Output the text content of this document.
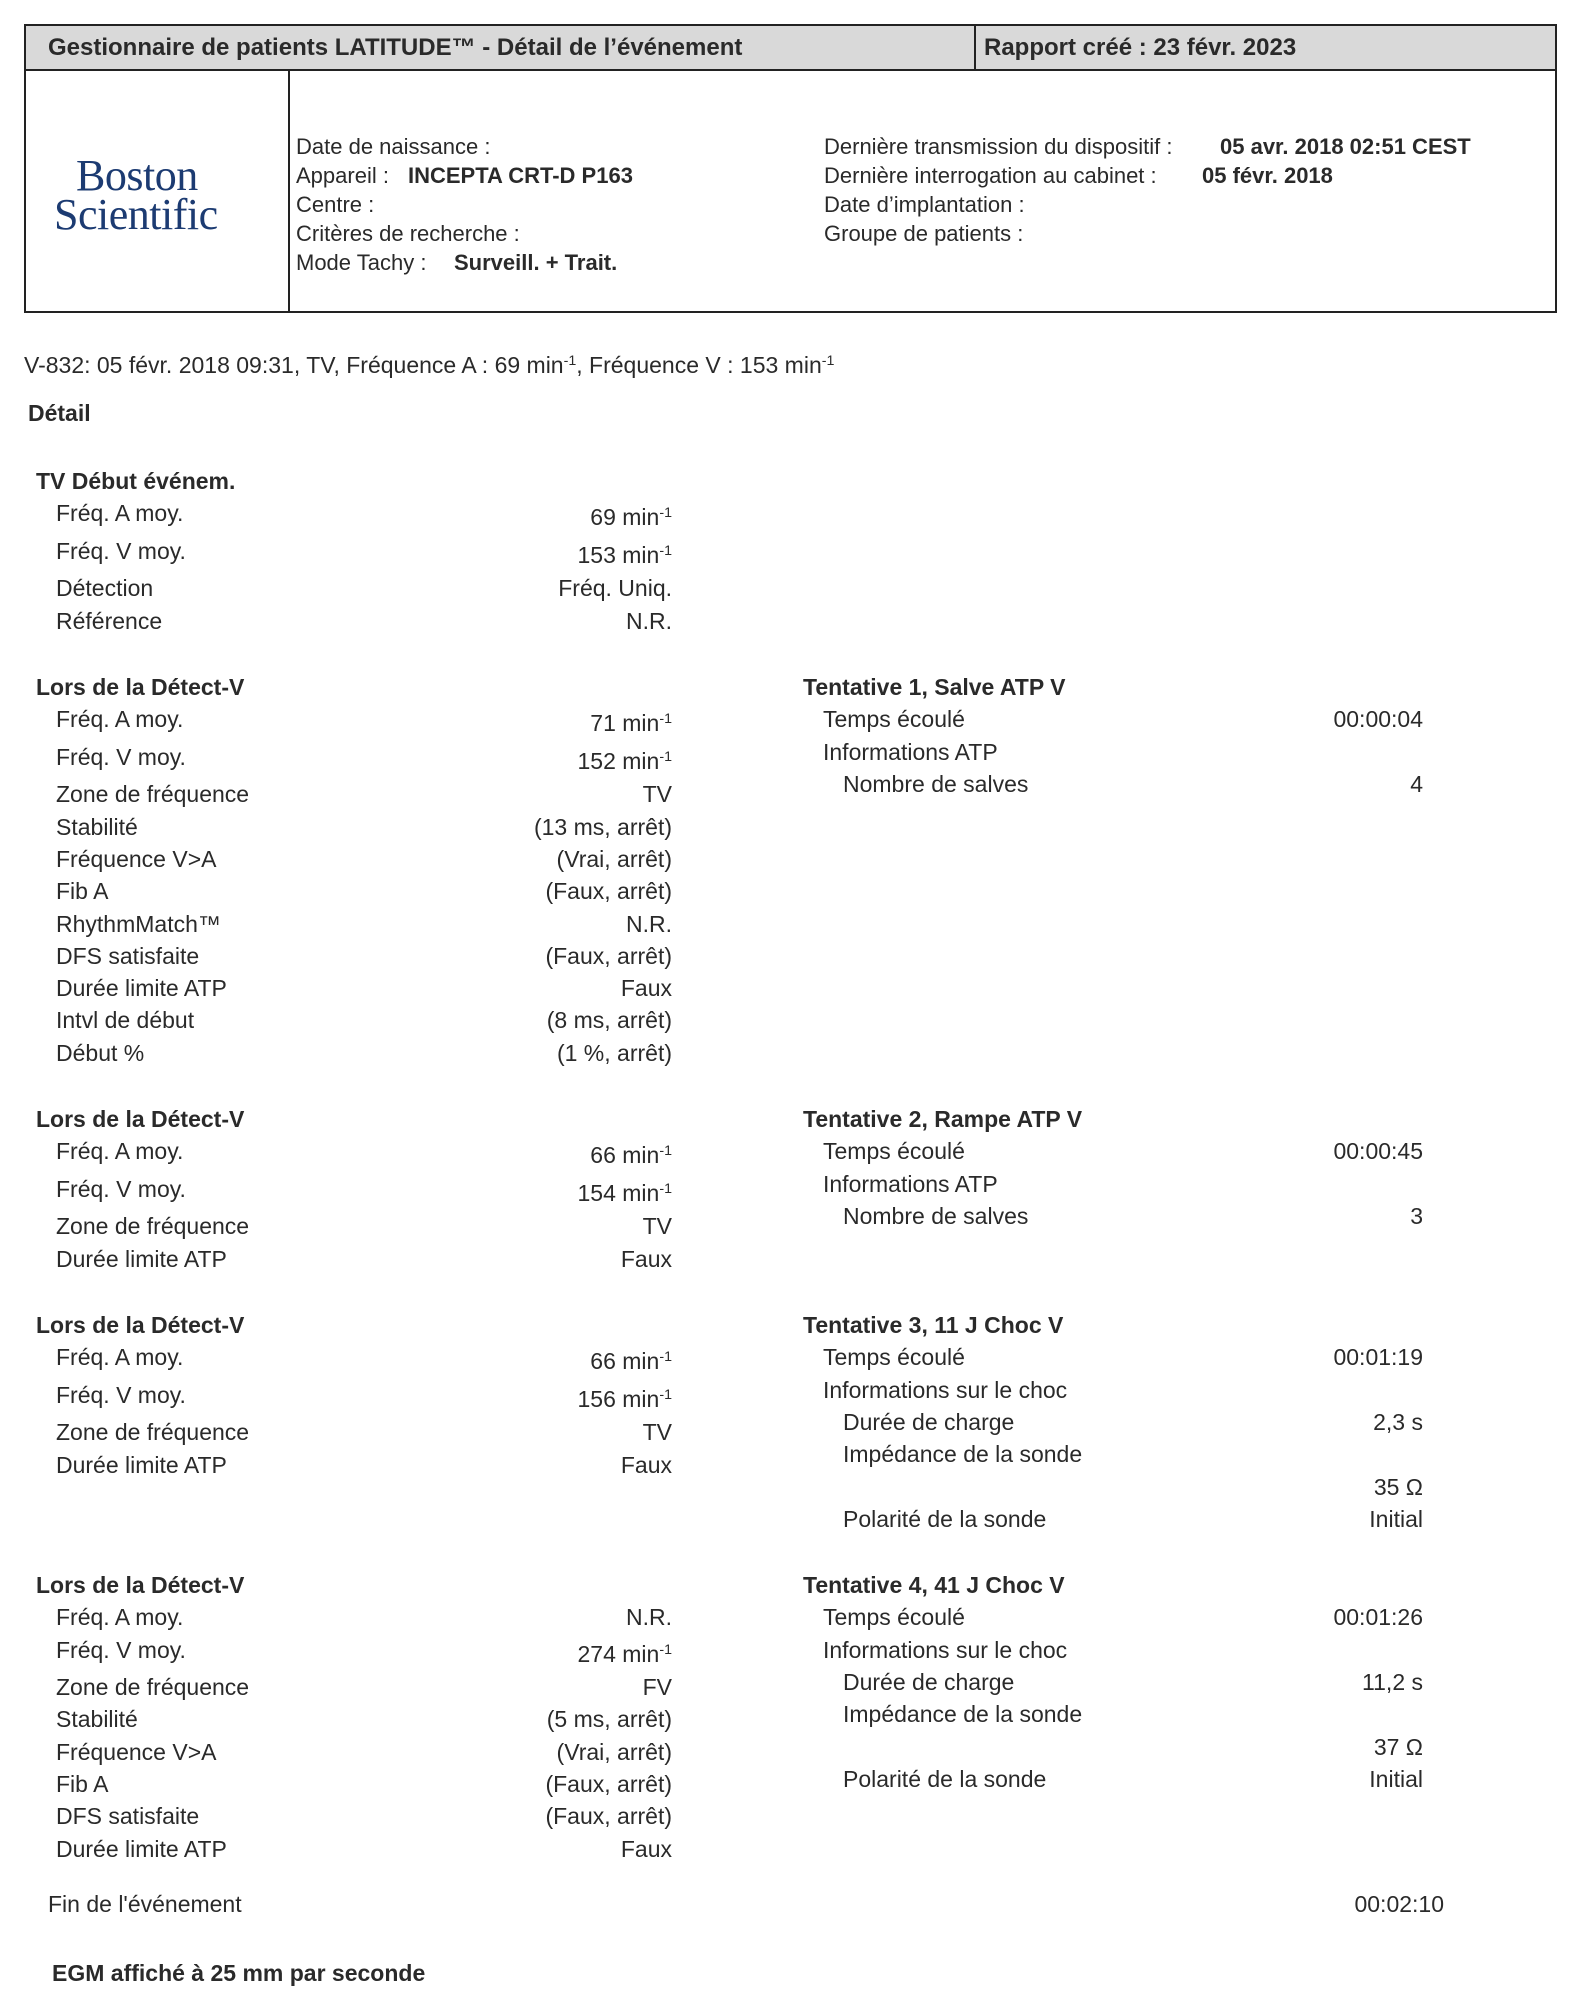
Gestionnaire de patients LATITUDE™ - Détail de l’événement	Rapport créé : 23 févr. 2023
Boston
Scientific
Date de naissance :
Appareil : INCEPTA CRT-D P163
Centre :
Critères de recherche :
Mode Tachy : Surveill. + Trait.
Dernière transmission du dispositif : 05 avr. 2018 02:51 CEST
Dernière interrogation au cabinet : 05 févr. 2018
Date d’implantation :
Groupe de patients :
V-832: 05 févr. 2018 09:31, TV, Fréquence A : 69 $\min^{-1}$, Fréquence V : 153 $\min^{-1}$
Détail
TV Début événem.
Fréq. A moy.	69 $\min^{-1}$
Fréq. V moy.	153 $\min^{-1}$
Détection	Fréq. Uniq.
Référence	N.R.
Lors de la Détect-V
Fréq. A moy.	71 $\min^{-1}$
Fréq. V moy.	152 $\min^{-1}$
Zone de fréquence	TV
Stabilité	(13 ms, arrêt)
Fréquence V>A	(Vrai, arrêt)
Fib A	(Faux, arrêt)
RhythmMatch™	N.R.
DFS satisfaite	(Faux, arrêt)
Durée limite ATP	Faux
Intvl de début	(8 ms, arrêt)
Début %	(1 %, arrêt)
Lors de la Détect-V
Fréq. A moy.	66 $\min^{-1}$
Fréq. V moy.	154 $\min^{-1}$
Zone de fréquence	TV
Durée limite ATP	Faux
Lors de la Détect-V
Fréq. A moy.	66 $\min^{-1}$
Fréq. V moy.	156 $\min^{-1}$
Zone de fréquence	TV
Durée limite ATP	Faux
Lors de la Détect-V
Fréq. A moy.	N.R.
Fréq. V moy.	274 $\min^{-1}$
Zone de fréquence	FV
Stabilité	(5 ms, arrêt)
Fréquence V>A	(Vrai, arrêt)
Fib A	(Faux, arrêt)
DFS satisfaite	(Faux, arrêt)
Durée limite ATP	Faux
Tentative 1, Salve ATP V
Temps écoulé	00:00:04
Informations ATP
Nombre de salves	4
Tentative 2, Rampe ATP V
Temps écoulé	00:00:45
Informations ATP
Nombre de salves	3
Tentative 3, 11 J Choc V
Temps écoulé	00:01:19
Informations sur le choc
Durée de charge	2,3 s
Impédance de la sonde
35 Ω
Polarité de la sonde	Initial
Tentative 4, 41 J Choc V
Temps écoulé	00:01:26
Informations sur le choc
Durée de charge	11,2 s
Impédance de la sonde
37 Ω
Polarité de la sonde	Initial
Fin de l'événement	00:02:10
EGM affiché à 25 mm par seconde
